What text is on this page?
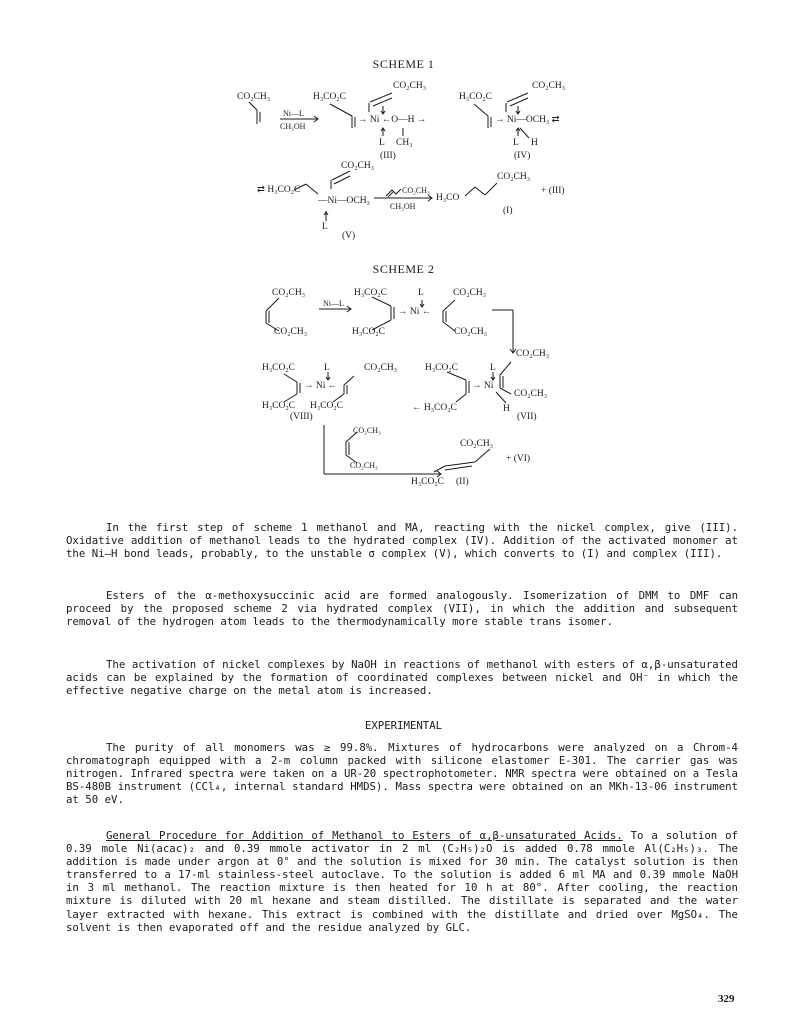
SCHEME 1
CO₂CH₃
Ni—L
CH₃OH
H₃CO₂C
CO₂CH₃
→ Ni ←O—H →
L CH₃
(III)
H₃CO₂C
CO₂CH₃
→ Ni—OCH₃ ⇄
L H
(IV)
⇄ H₃CO₂C
CO₂CH₃
—Ni—OCH₃
L
(V)
CO₂CH₃
CH₃OH
H₃CO
CO₂CH₃
(I)
+ (III)
SCHEME 2
CO₂CH₃
CO₂CH₃
Ni—L
H₃CO₂C
H₃CO₂C
L
→ Ni ←
CO₂CH₃
CO₂CH₃
H₃CO₂C	L	CO₂CH₃
→ Ni ←
H₃CO₂C H₃CO₂C
(VIII)
H₃CO₂C	L
→ Ni
CO₂CH₃
CO₂CH₃
← H₃CO₂C	H
(VII)
CO₂CH₃
CO₂CH₃
CO₂CH₃
H₃CO₂C (II)
+ (VI)

In the first step of scheme 1 methanol and MA, reacting with the nickel complex, give (III). Oxidative addition of methanol leads to the hydrated complex (IV). Addition of the activated monomer at the Ni—H bond leads, probably, to the unstable σ complex (V), which converts to (I) and complex (III).

Esters of the α-methoxysuccinic acid are formed analogously. Isomerization of DMM to DMF can proceed by the proposed scheme 2 via hydrated complex (VII), in which the addition and subsequent removal of the hydrogen atom leads to the thermodynamically more stable trans isomer.

The activation of nickel complexes by NaOH in reactions of methanol with esters of α,β-unsaturated acids can be explained by the formation of coordinated complexes between nickel and OH⁻ in which the effective negative charge on the metal atom is increased.

EXPERIMENTAL

The purity of all monomers was ≥ 99.8%. Mixtures of hydrocarbons were analyzed on a Chrom-4 chromatograph equipped with a 2-m column packed with silicone elastomer E-301. The carrier gas was nitrogen. Infrared spectra were taken on a UR-20 spectrophotometer. NMR spectra were obtained on a Tesla BS-480B instrument (CCl₄, internal standard HMDS). Mass spectra were obtained on an MKh-13-06 instrument at 50 eV.

General Procedure for Addition of Methanol to Esters of α,β-unsaturated Acids. To a solution of 0.39 mole Ni(acac)₂ and 0.39 mmole activator in 2 ml (C₂H₅)₂O is added 0.78 mmole Al(C₂H₅)₃. The addition is made under argon at 0° and the solution is mixed for 30 min. The catalyst solution is then transferred to a 17-ml stainless-steel autoclave. To the solution is added 6 ml MA and 0.39 mmole NaOH in 3 ml methanol. The reaction mixture is then heated for 10 h at 80°. After cooling, the reaction mixture is diluted with 20 ml hexane and steam distilled. The distillate is separated and the water layer extracted with hexane. This extract is combined with the distillate and dried over MgSO₄. The solvent is then evaporated off and the residue analyzed by GLC.

329
